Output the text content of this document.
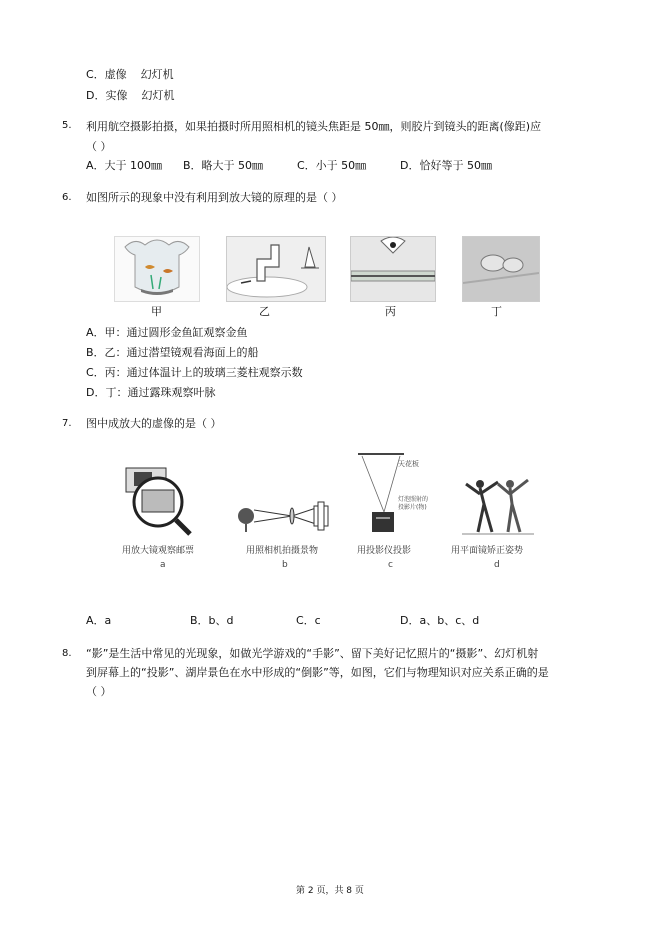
C．虚像 幻灯机
D．实像 幻灯机
5. 利用航空摄影拍摄，如果拍摄时所用照相机的镜头焦距是 50㎜，则胶片到镜头的距离(像距)应
（ ）
A．大于 100㎜ B．略大于 50㎜	C．小于 50㎜	D．恰好等于 50㎜
6. 如图所示的现象中没有利用到放大镜的原理的是（ ）
甲	乙	丙	丁
A．甲：通过圆形金鱼缸观察金鱼
B．乙：通过潜望镜观看海面上的船
C．丙：通过体温计上的玻璃三菱柱观察示数
D．丁：通过露珠观察叶脉
7. 图中成放大的虚像的是（ ）
天花板
灯泡照射的投影片(物)
用放大镜观察邮票	用照相机拍摄景物	用投影仪投影	用平面镜矫正姿势
a	b	c	d
A．a	B．b、d	C．c	D．a、b、c、d
8. “影”是生活中常见的光现象，如做光学游戏的“手影”、留下美好记忆照片的“摄影”、幻灯机射
到屏幕上的“投影”、湖岸景色在水中形成的“倒影”等，如图，它们与物理知识对应关系正确的是
（ ）
第 2 页，共 8 页
